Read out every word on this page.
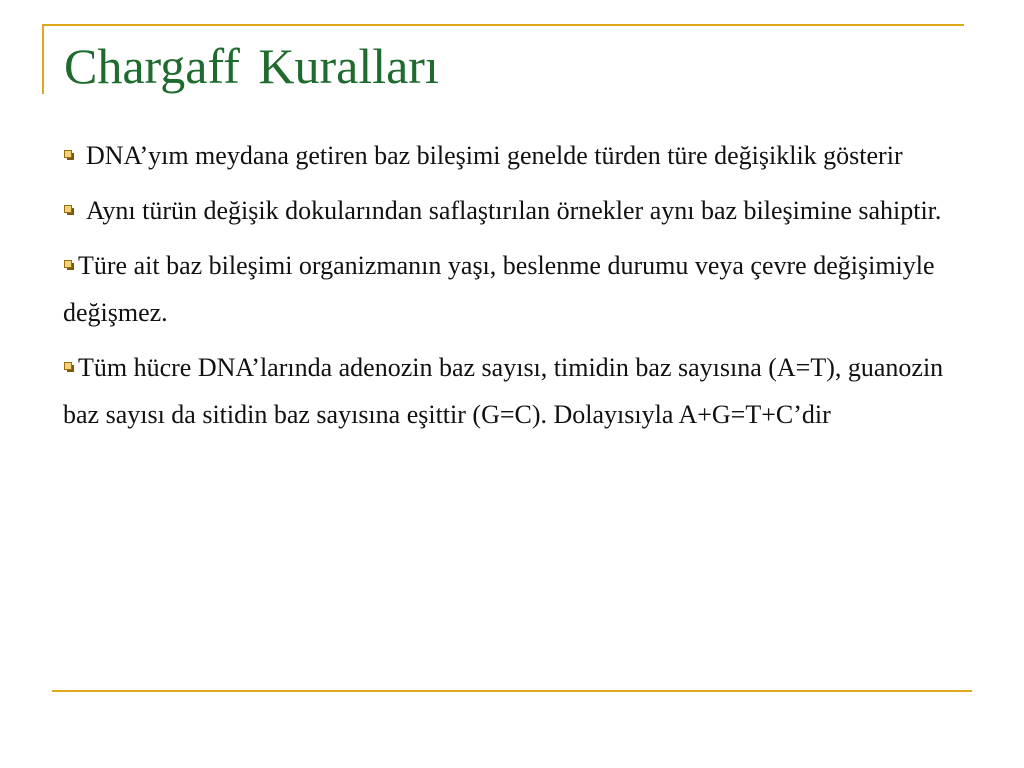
Chargaff Kuralları

DNA’yım meydana getiren baz bileşimi genelde türden türe değişiklik gösterir

Aynı türün değişik dokularından saflaştırılan örnekler aynı baz bileşimine sahiptir.

Türe ait baz bileşimi organizmanın yaşı, beslenme durumu veya çevre değişimiyle değişmez.

Tüm hücre DNA’larında adenozin baz sayısı, timidin baz sayısına (A=T), guanozin baz sayısı da sitidin baz sayısına eşittir (G=C). Dolayısıyla A+G=T+C’dir
